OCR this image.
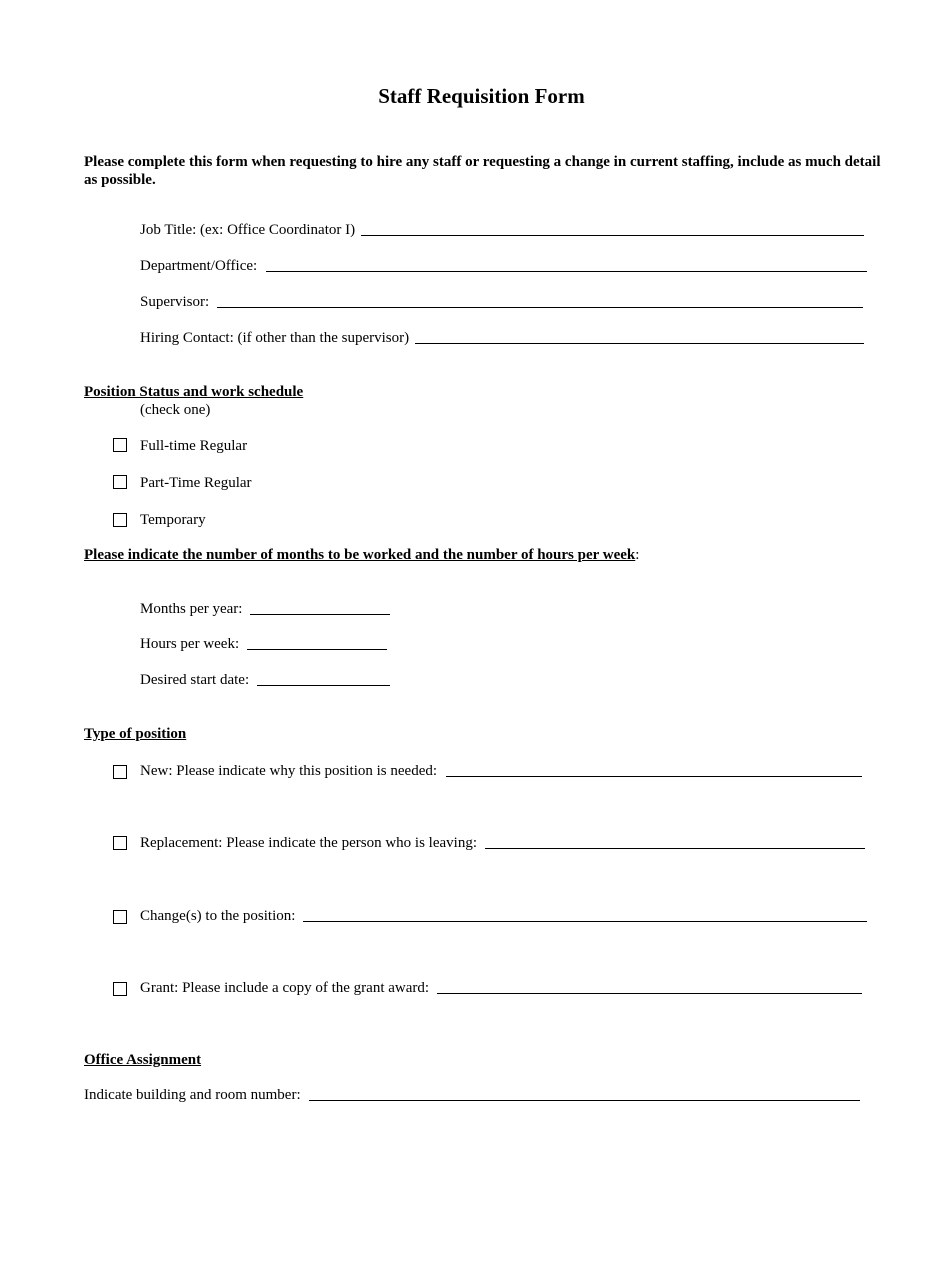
Staff Requisition Form
Please complete this form when requesting to hire any staff or requesting a change in current staffing, include as much detail as possible.
Job Title: (ex: Office Coordinator I)
Department/Office:
Supervisor:
Hiring Contact: (if other than the supervisor)
Position Status and work schedule
(check one)
Full-time Regular
Part-Time Regular
Temporary
Please indicate the number of months to be worked and the number of hours per week:
Months per year:
Hours per week:
Desired start date:
Type of position
New: Please indicate why this position is needed:
Replacement: Please indicate the person who is leaving:
Change(s) to the position:
Grant: Please include a copy of the grant award:
Office Assignment
Indicate building and room number:
